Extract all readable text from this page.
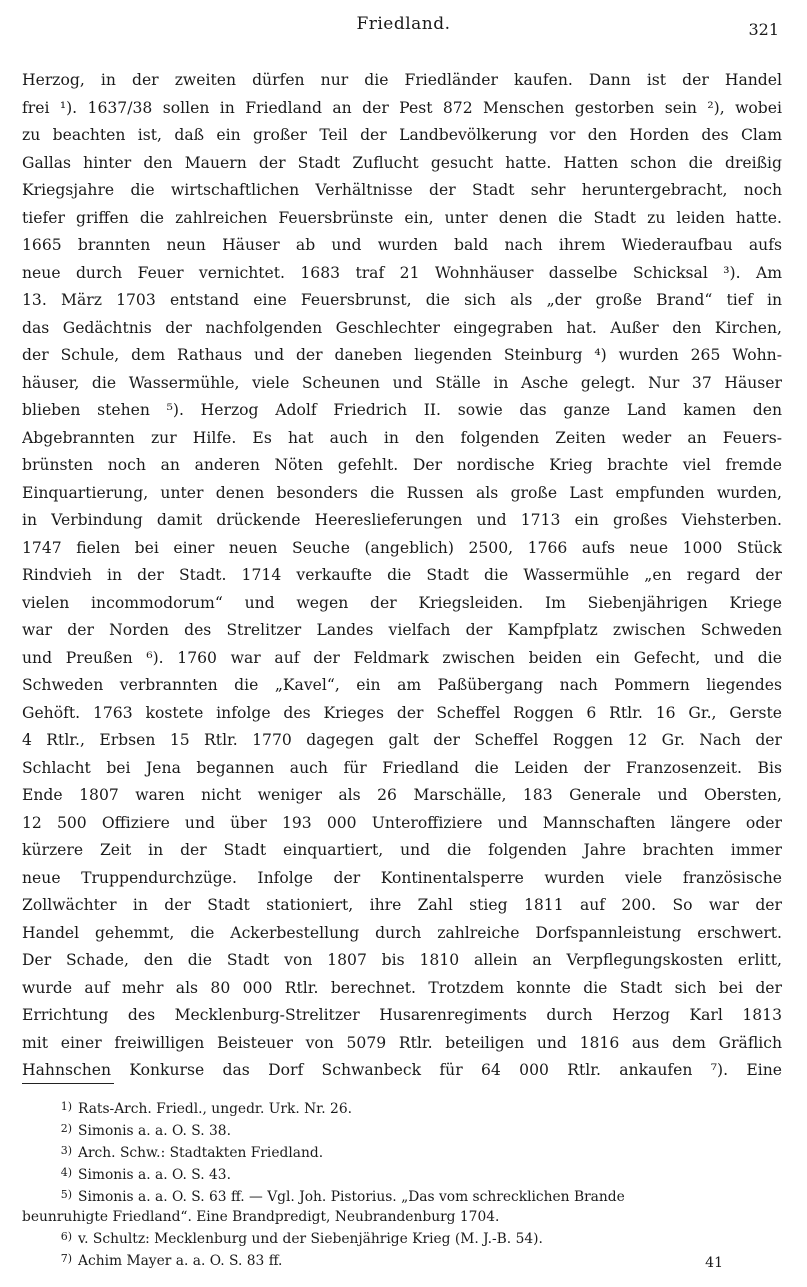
Friedland.	321
Herzog, in der zweiten dürfen nur die Friedländer kaufen. Dann ist der Handel
frei ¹). 1637/38 sollen in Friedland an der Pest 872 Menschen gestorben sein ²), wobei
zu beachten ist, daß ein großer Teil der Landbevölkerung vor den Horden des Clam
Gallas hinter den Mauern der Stadt Zuflucht gesucht hatte. Hatten schon die dreißig
Kriegsjahre die wirtschaftlichen Verhältnisse der Stadt sehr heruntergebracht, noch
tiefer griffen die zahlreichen Feuersbrünste ein, unter denen die Stadt zu leiden hatte.
1665 brannten neun Häuser ab und wurden bald nach ihrem Wiederaufbau aufs
neue durch Feuer vernichtet. 1683 traf 21 Wohnhäuser dasselbe Schicksal ³). Am
13. März 1703 entstand eine Feuersbrunst, die sich als „der große Brand“ tief in
das Gedächtnis der nachfolgenden Geschlechter eingegraben hat. Außer den Kirchen,
der Schule, dem Rathaus und der daneben liegenden Steinburg ⁴) wurden 265 Wohn-
häuser, die Wassermühle, viele Scheunen und Ställe in Asche gelegt. Nur 37 Häuser
blieben stehen ⁵). Herzog Adolf Friedrich II. sowie das ganze Land kamen den
Abgebrannten zur Hilfe. Es hat auch in den folgenden Zeiten weder an Feuers-
brünsten noch an anderen Nöten gefehlt. Der nordische Krieg brachte viel fremde
Einquartierung, unter denen besonders die Russen als große Last empfunden wurden,
in Verbindung damit drückende Heereslieferungen und 1713 ein großes Viehsterben.
1747 fielen bei einer neuen Seuche (angeblich) 2500, 1766 aufs neue 1000 Stück
Rindvieh in der Stadt. 1714 verkaufte die Stadt die Wassermühle „en regard der
vielen incommodorum“ und wegen der Kriegsleiden. Im Siebenjährigen Kriege
war der Norden des Strelitzer Landes vielfach der Kampfplatz zwischen Schweden
und Preußen ⁶). 1760 war auf der Feldmark zwischen beiden ein Gefecht, und die
Schweden verbrannten die „Kavel“, ein am Paßübergang nach Pommern liegendes
Gehöft. 1763 kostete infolge des Krieges der Scheffel Roggen 6 Rtlr. 16 Gr., Gerste
4 Rtlr., Erbsen 15 Rtlr. 1770 dagegen galt der Scheffel Roggen 12 Gr. Nach der
Schlacht bei Jena begannen auch für Friedland die Leiden der Franzosenzeit. Bis
Ende 1807 waren nicht weniger als 26 Marschälle, 183 Generale und Obersten,
12 500 Offiziere und über 193 000 Unteroffiziere und Mannschaften längere oder
kürzere Zeit in der Stadt einquartiert, und die folgenden Jahre brachten immer
neue Truppendurchzüge. Infolge der Kontinentalsperre wurden viele französische
Zollwächter in der Stadt stationiert, ihre Zahl stieg 1811 auf 200. So war der
Handel gehemmt, die Ackerbestellung durch zahlreiche Dorfspannleistung erschwert.
Der Schade, den die Stadt von 1807 bis 1810 allein an Verpflegungskosten erlitt,
wurde auf mehr als 80 000 Rtlr. berechnet. Trotzdem konnte die Stadt sich bei der
Errichtung des Mecklenburg-Strelitzer Husarenregiments durch Herzog Karl 1813
mit einer freiwilligen Beisteuer von 5079 Rtlr. beteiligen und 1816 aus dem Gräflich
Hahnschen Konkurse das Dorf Schwanbeck für 64 000 Rtlr. ankaufen ⁷). Eine
1) Rats-Arch. Friedl., ungedr. Urk. Nr. 26.
2) Simonis a. a. O. S. 38.
3) Arch. Schw.: Stadtakten Friedland.
4) Simonis a. a. O. S. 43.
5) Simonis a. a. O. S. 63 ff. — Vgl. Joh. Pistorius. „Das vom schrecklichen Brande
beunruhigte Friedland“. Eine Brandpredigt, Neubrandenburg 1704.
6) v. Schultz: Mecklenburg und der Siebenjährige Krieg (M. J.-B. 54).
7) Achim Mayer a. a. O. S. 83 ff.	41
